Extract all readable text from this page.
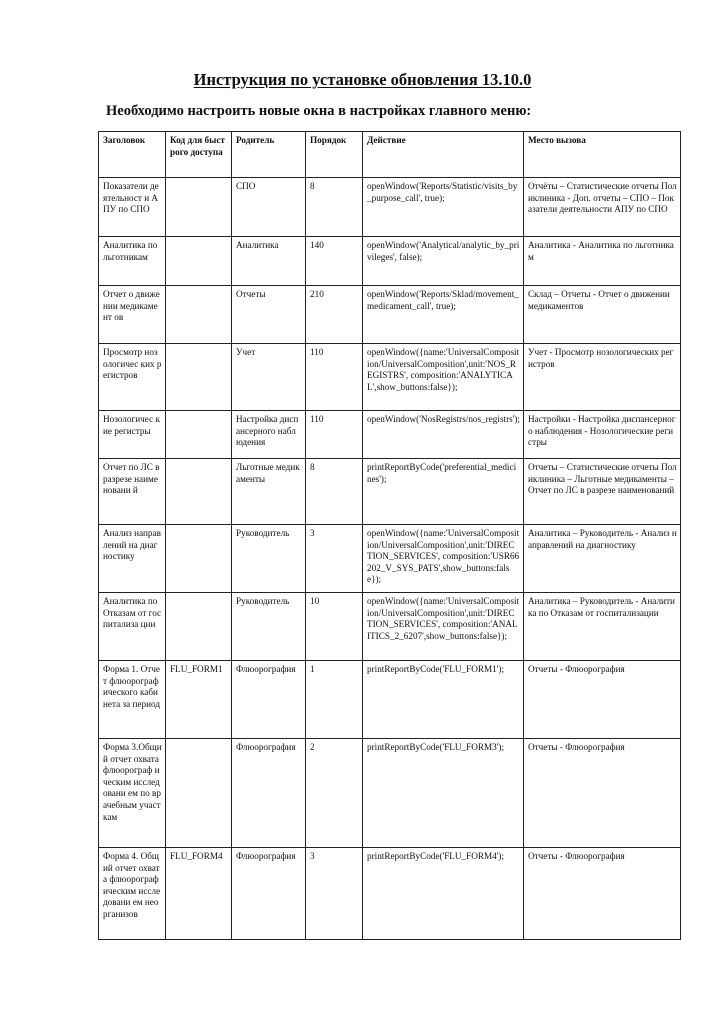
Инструкция по установке обновления 13.10.0
Необходимо настроить новые окна в настройках главного меню:
Заголовок	Код для быстрого доступа	Родитель	Порядок	Действие	Место вызова
Показатели деятельност и АПУ по СПО		СПО	8	openWindow('Reports/Statistic/visits_by_purpose_call', true);	Отчёты – Статистические отчеты Поликлиника - Доп. отчеты – СПО – Показатели деятельности АПУ по СПО
Аналитика по льготникам		Аналитика	140	openWindow('Analytical/analytic_by_privileges', false);	Аналитика - Аналитика по льготникам
Отчет о движении медикамент ов		Отчеты	210	openWindow('Reports/Sklad/movement_medicament_call', true);	Склад – Отчеты - Отчет о движении медикаментов
Просмотр нозологичес ких регистров		Учет	110	openWindow({name:'UniversalComposition/UniversalComposition',unit:'NOS_REGISTRS', composition:'ANALYTICAL',show_buttons:false});	Учет - Просмотр нозологических регистров
Нозологичес кие регистры		Настройка диспансерного наблюдения	110	openWindow('NosRegistrs/nos_registrs');	Настройки - Настройка диспансерного наблюдения - Нозологические регистры
Отчет по ЛС в разрезе наименовани й		Льготные медикаменты	8	printReportByCode('preferential_medicines');	Отчеты – Статистические отчеты Поликлиника – Льготные медикаменты – Отчет по ЛС в разрезе наименований
Анализ направлений на диагностику		Руководитель	3	openWindow({name:'UniversalComposition/UniversalComposition',unit:'DIRECTION_SERVICES', composition:'USR66202_V_SYS_PATS',show_buttons:false});	Аналитика – Руководитель - Анализ направлений на диагностику
Аналитика по Отказам от госпитализа ции		Руководитель	10	openWindow({name:'UniversalComposition/UniversalComposition',unit:'DIRECTION_SERVICES', composition:'ANALITICS_2_6207',show_buttons:false});	Аналитика – Руководитель - Аналитика по Отказам от госпитализации
Форма 1. Отчет флюорограф ического кабинета за период	FLU_FORM1	Флюорография	1	printReportByCode('FLU_FORM1');	Отчеты - Флюорография
Форма 3.Общий отчет охвата флюорограф ическим исследовани ем по врачебным участкам		Флюорография	2	printReportByCode('FLU_FORM3');	Отчеты - Флюорография
Форма 4. Общий отчет охвата флюорограф ическим исследовани ем неорганизов	FLU_FORM4	Флюорография	3	printReportByCode('FLU_FORM4');	Отчеты - Флюорография
